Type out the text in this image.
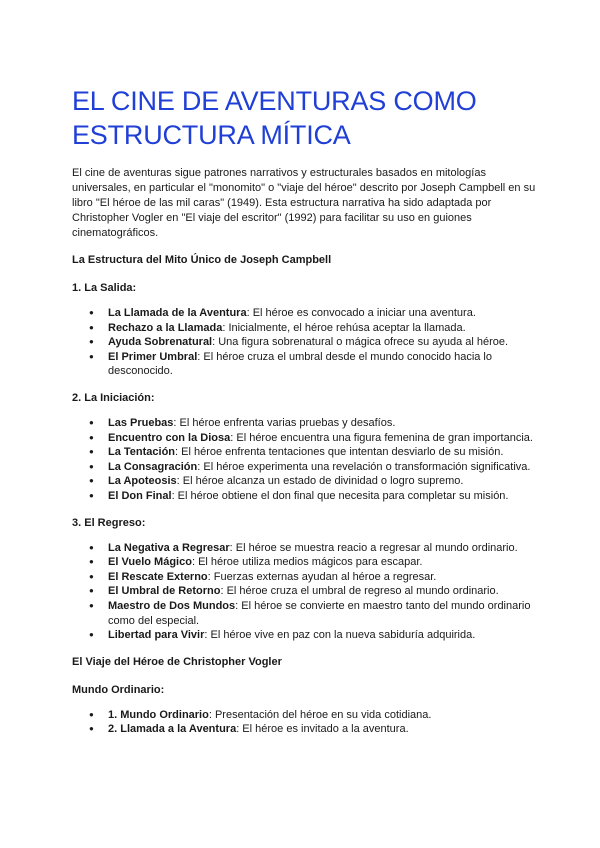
EL CINE DE AVENTURAS COMO ESTRUCTURA MÍTICA

El cine de aventuras sigue patrones narrativos y estructurales basados en mitologías universales, en particular el "monomito" o "viaje del héroe" descrito por Joseph Campbell en su libro "El héroe de las mil caras" (1949). Esta estructura narrativa ha sido adaptada por Christopher Vogler en "El viaje del escritor" (1992) para facilitar su uso en guiones cinematográficos.

La Estructura del Mito Único de Joseph Campbell
1. La Salida:
● La Llamada de la Aventura: El héroe es convocado a iniciar una aventura.
● Rechazo a la Llamada: Inicialmente, el héroe rehúsa aceptar la llamada.
● Ayuda Sobrenatural: Una figura sobrenatural o mágica ofrece su ayuda al héroe.
● El Primer Umbral: El héroe cruza el umbral desde el mundo conocido hacia lo desconocido.
2. La Iniciación:
● Las Pruebas: El héroe enfrenta varias pruebas y desafíos.
● Encuentro con la Diosa: El héroe encuentra una figura femenina de gran importancia.
● La Tentación: El héroe enfrenta tentaciones que intentan desviarlo de su misión.
● La Consagración: El héroe experimenta una revelación o transformación significativa.
● La Apoteosis: El héroe alcanza un estado de divinidad o logro supremo.
● El Don Final: El héroe obtiene el don final que necesita para completar su misión.
3. El Regreso:
● La Negativa a Regresar: El héroe se muestra reacio a regresar al mundo ordinario.
● El Vuelo Mágico: El héroe utiliza medios mágicos para escapar.
● El Rescate Externo: Fuerzas externas ayudan al héroe a regresar.
● El Umbral de Retorno: El héroe cruza el umbral de regreso al mundo ordinario.
● Maestro de Dos Mundos: El héroe se convierte en maestro tanto del mundo ordinario como del especial.
● Libertad para Vivir: El héroe vive en paz con la nueva sabiduría adquirida.
El Viaje del Héroe de Christopher Vogler
Mundo Ordinario:
● 1. Mundo Ordinario: Presentación del héroe en su vida cotidiana.
● 2. Llamada a la Aventura: El héroe es invitado a la aventura.
